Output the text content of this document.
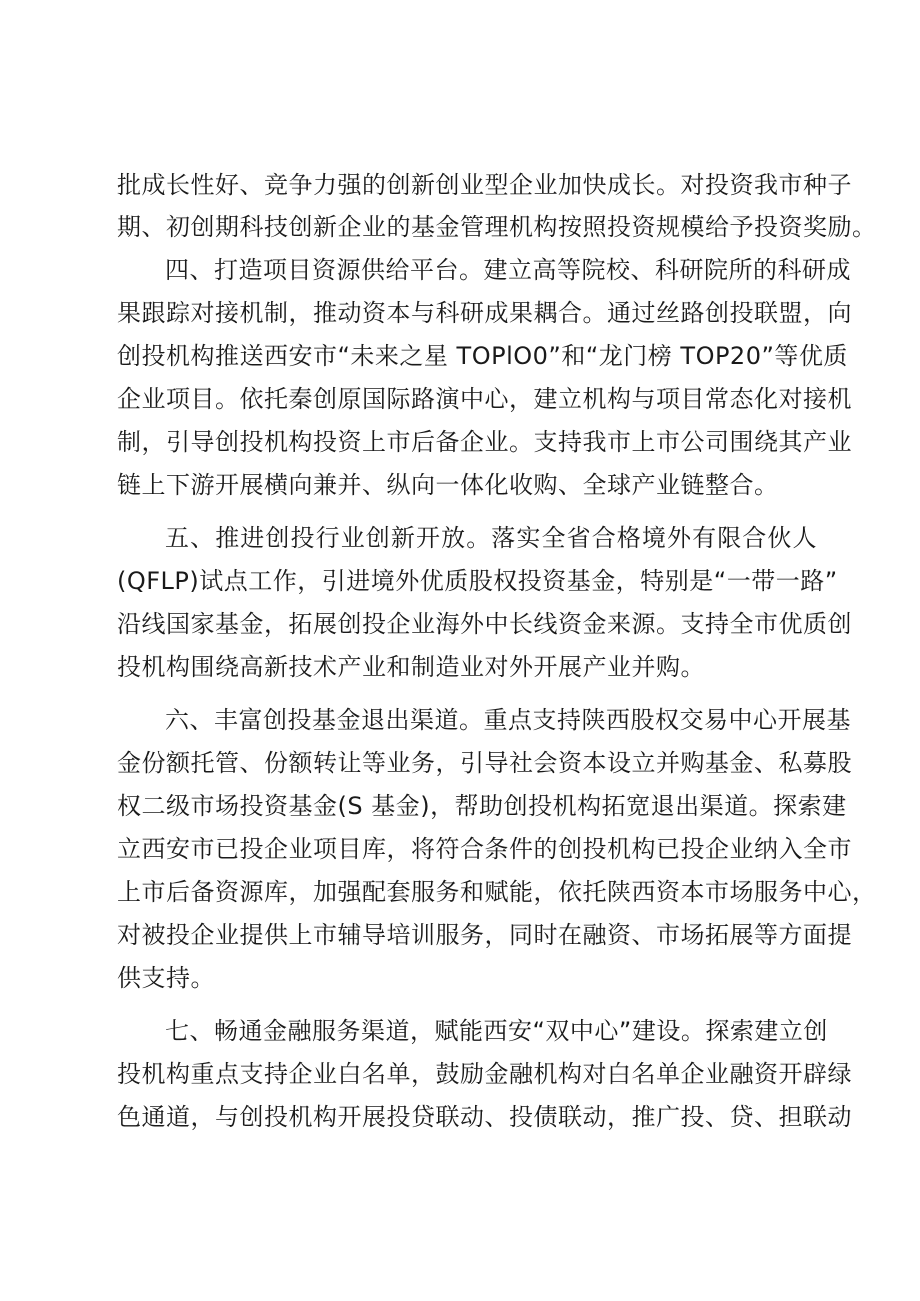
批成长性好、竞争力强的创新创业型企业加快成长。对投资我市种子
期、初创期科技创新企业的基金管理机构按照投资规模给予投资奖励。
四、打造项目资源供给平台。建立高等院校、科研院所的科研成
果跟踪对接机制，推动资本与科研成果耦合。通过丝路创投联盟，向
创投机构推送西安市“未来之星 TOPlO0”和“龙门榜 TOP20”等优质
企业项目。依托秦创原国际路演中心，建立机构与项目常态化对接机
制，引导创投机构投资上市后备企业。支持我市上市公司围绕其产业
链上下游开展横向兼并、纵向一体化收购、全球产业链整合。
五、推进创投行业创新开放。落实全省合格境外有限合伙人
(QFLP)试点工作，引进境外优质股权投资基金，特别是“一带一路”
沿线国家基金，拓展创投企业海外中长线资金来源。支持全市优质创
投机构围绕高新技术产业和制造业对外开展产业并购。
六、丰富创投基金退出渠道。重点支持陕西股权交易中心开展基
金份额托管、份额转让等业务，引导社会资本设立并购基金、私募股
权二级市场投资基金(S 基金)，帮助创投机构拓宽退出渠道。探索建
立西安市已投企业项目库，将符合条件的创投机构已投企业纳入全市
上市后备资源库，加强配套服务和赋能，依托陕西资本市场服务中心，
对被投企业提供上市辅导培训服务，同时在融资、市场拓展等方面提
供支持。
七、畅通金融服务渠道，赋能西安“双中心”建设。探索建立创
投机构重点支持企业白名单，鼓励金融机构对白名单企业融资开辟绿
色通道，与创投机构开展投贷联动、投债联动，推广投、贷、担联动
